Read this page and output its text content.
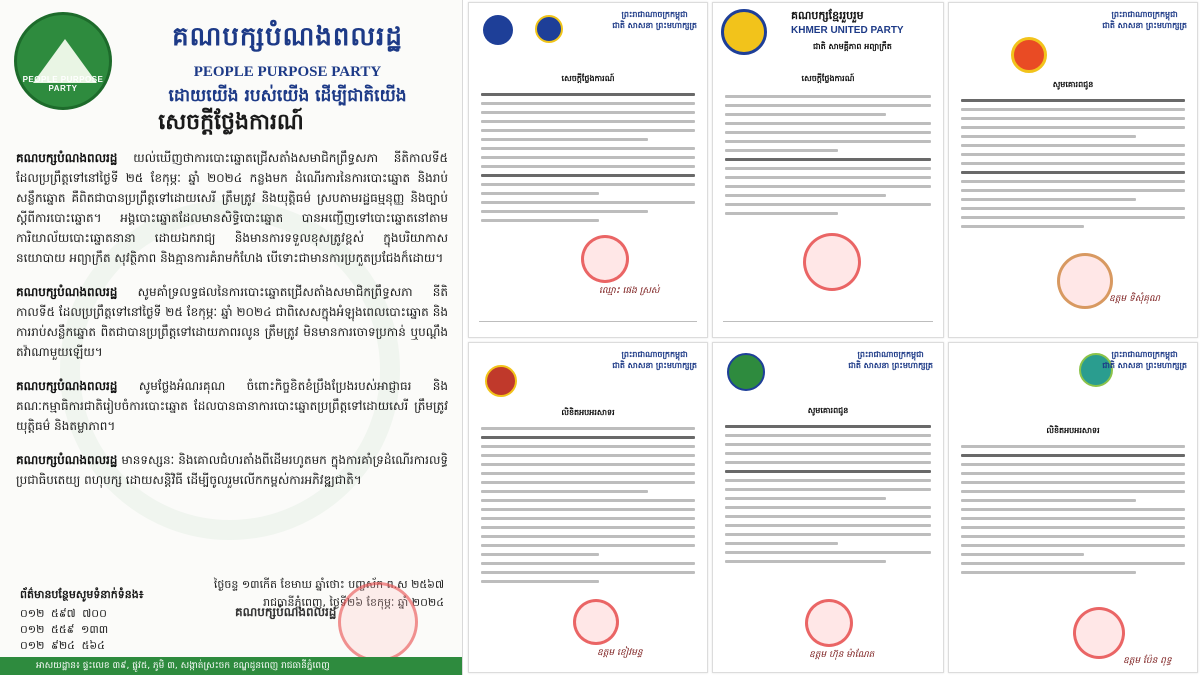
PEOPLE PURPOSE PARTY
គណបក្សបំណងពលរដ្ឋ
PEOPLE PURPOSE PARTY
ដោយយើង របស់យើង ដើម្បីជាតិយើង
សេចក្តីថ្លែងការណ៍

គណបក្សបំណងពលរដ្ឋ យល់ឃើញថាការបោះឆ្នោតជ្រើសតាំងសមាជិកព្រឹទ្ធសភា នីតិកាលទី៥ ដែលប្រព្រឹត្តទៅនៅថ្ងៃទី ២៥ ខែកុម្ភៈ ឆ្នាំ ២០២៤ កន្លងមក ដំណើរការនៃការបោះឆ្នោត និងរាប់សន្លឹកឆ្នោត គឺពិតជាបានប្រព្រឹត្តទៅដោយសេរី ត្រឹមត្រូវ និងយុត្តិធម៌ ស្របតាមរដ្ឋធម្មនុញ្ញ និងច្បាប់ស្តីពីការបោះឆ្នោត។ អង្គបោះឆ្នោតដែលមានសិទ្ធិបោះឆ្នោត បានអញ្ជើញទៅបោះឆ្នោតនៅតាមការិយាល័យបោះឆ្នោតនានា ដោយឯករាជ្យ និងមានការទទួលខុសត្រូវខ្ពស់ ក្នុងបរិយាកាសនយោបាយ អព្យាក្រឹត សុវត្ថិភាព និងគ្មានការគំរាមកំហែង បើទោះជាមានការប្រកួតប្រជែងក៏ដោយ។

គណបក្សបំណងពលរដ្ឋ សូមគាំទ្រលទ្ធផលនៃការបោះឆ្នោតជ្រើសតាំងសមាជិកព្រឹទ្ធសភា នីតិកាលទី៥ ដែលប្រព្រឹត្តទៅនៅថ្ងៃទី ២៥ ខែកុម្ភៈ ឆ្នាំ ២០២៤ ជាពិសេសក្នុងអំឡុងពេលបោះឆ្នោត និងការរាប់សន្លឹកឆ្នោត ពិតជាបានប្រព្រឹត្តទៅដោយភាពរលូន ត្រឹមត្រូវ មិនមានការចោទប្រកាន់ ឬបណ្តឹងតវ៉ាណាមួយឡើយ។

គណបក្សបំណងពលរដ្ឋ សូមថ្លែងអំណរគុណ ចំពោះកិច្ចខិតខំប្រឹងប្រែងរបស់អាជ្ញាធរ និងគណៈកម្មាធិការជាតិរៀបចំការបោះឆ្នោត ដែលបានធានាការបោះឆ្នោតប្រព្រឹត្តទៅដោយសេរី ត្រឹមត្រូវ យុត្តិធម៌ និងតម្លាភាព។

គណបក្សបំណងពលរដ្ឋ មានទស្សនៈ និងគោលជំហរតាំងពីដើមរហូតមក ក្នុងការគាំទ្រដំណើរការលទ្ធិប្រជាធិបតេយ្យ ពហុបក្ស ដោយសន្តិវិធី ដើម្បីចូលរួមលើកកម្ពស់ការអភិវឌ្ឍជាតិ។

ថ្ងៃចន្ទ ១៣កើត ខែមាឃ ឆ្នាំថោះ បញ្ចស័ក ព.ស ២៥៦៧
រាជធានីភ្នំពេញ, ថ្ងៃទី២៦ ខែកុម្ភៈ ឆ្នាំ ២០២៤
ព័ត៌មានបន្ថែមសូមទំនាក់ទំនង៖
០១២ ៥៩៧ ៧០០
០១២ ៥៥៩ ១៣៣
០១២ ៩២៤ ៥៦៤
គណបក្សបំណងពលរដ្ឋ
អាសយដ្ឋាន៖ ផ្ទះលេខ ៣៩, ផ្លូវ៥, ភូមិ ៣, សង្កាត់ស្រះចក ខណ្ឌដូនពេញ រាជធានីភ្នំពេញ
ព្រះរាជាណាចក្រកម្ពុជា
ជាតិ សាសនា ព្រះមហាក្សត្រ
សេចក្តីថ្លែងការណ៍
ឈ្មោះ ផេង ស្រស់
គណបក្សខ្មែររួបរួម
KHMER UNITED PARTY
ជាតិ សាមគ្គីភាព អព្យាក្រឹត
សេចក្តីថ្លែងការណ៍
ព្រះរាជាណាចក្រកម្ពុជា
ជាតិ សាសនា ព្រះមហាក្សត្រ
សូមគោរពជូន
ឧត្តម ទិសុំគុណ
ព្រះរាជាណាចក្រកម្ពុជា
ជាតិ សាសនា ព្រះមហាក្សត្រ
លិខិតអបអរសាទរ
ឧត្តម ខៀវមន្ទ
ព្រះរាជាណាចក្រកម្ពុជា
ជាតិ សាសនា ព្រះមហាក្សត្រ
សូមគោរពជូន
ឧត្តម ហ៊ុន ម៉ាណែត
ព្រះរាជាណាចក្រកម្ពុជា
ជាតិ សាសនា ព្រះមហាក្សត្រ
លិខិតអបអរសាទរ
ឧត្តម ប៉ែន ពុទ្ធ
